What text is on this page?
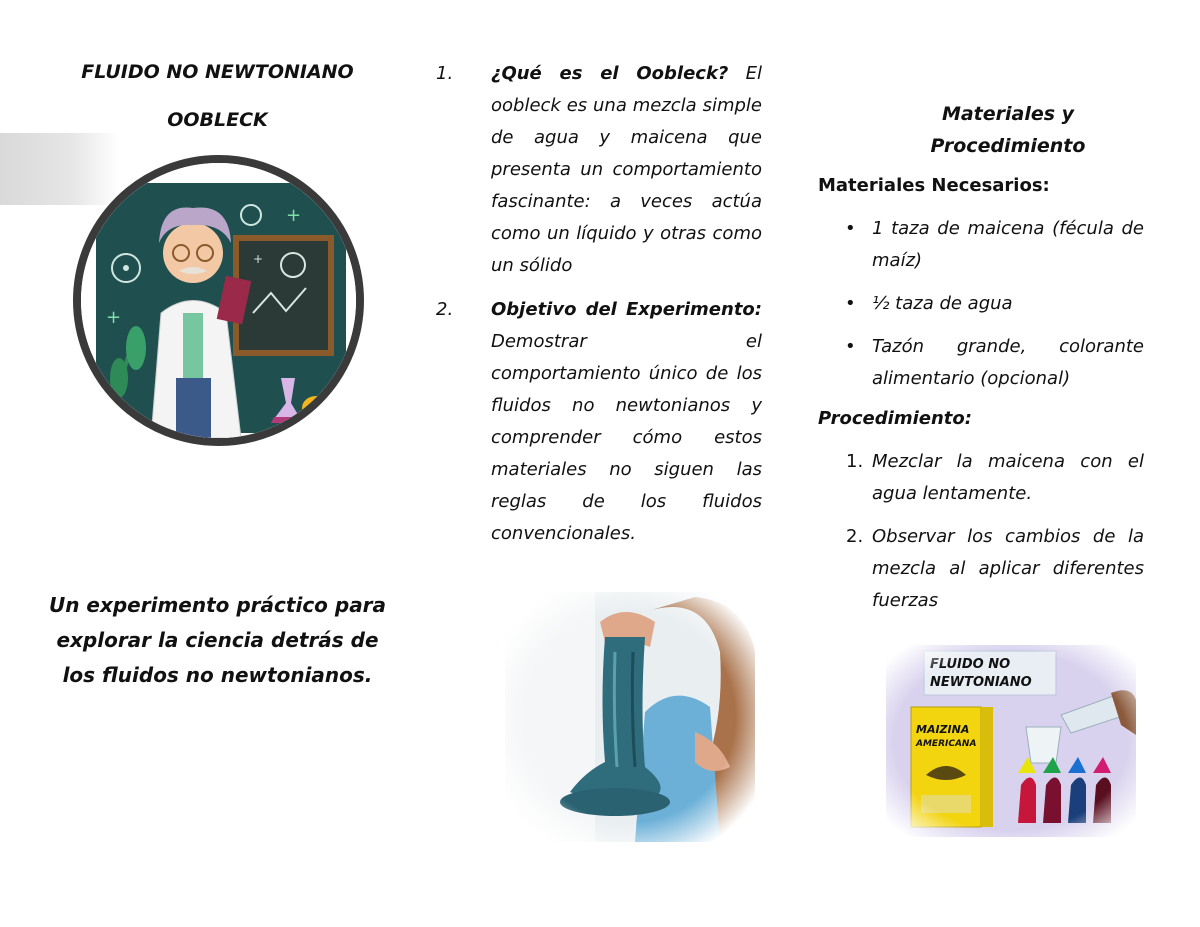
FLUIDO NO NEWTONIANO
OOBLECK
+
+
+
Un experimento práctico para explorar la ciencia detrás de los fluidos no newtonianos.
1. ¿Qué es el Oobleck? El oobleck es una mezcla simple de agua y maicena que presenta un comportamiento fascinante: a veces actúa como un líquido y otras como un sólido
2. Objetivo del Experimento: Demostrar el comportamiento único de los fluidos no newtonianos y comprender cómo estos materiales no siguen las reglas de los fluidos convencionales.
Materiales y Procedimiento
Materiales Necesarios:
• 1 taza de maicena (fécula de maíz)
• ½ taza de agua
• Tazón grande, colorante alimentario (opcional)
Procedimiento:
1. Mezclar la maicena con el agua lentamente.
2. Observar los cambios de la mezcla al aplicar diferentes fuerzas
